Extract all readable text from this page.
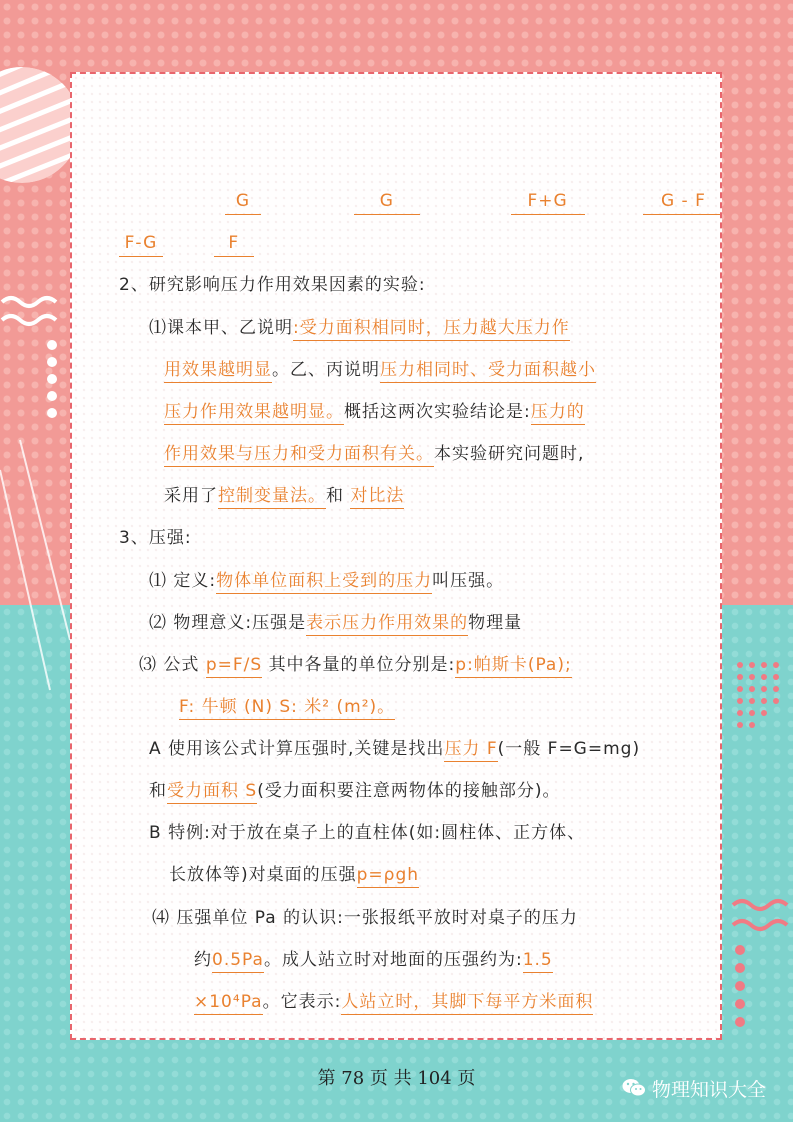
G	G	F+G	G - F
F-G	F
2、研究影响压力作用效果因素的实验:
⑴课本甲、乙说明:受力面积相同时，压力越大压力作
用效果越明显。乙、丙说明压力相同时、受力面积越小
压力作用效果越明显。概括这两次实验结论是:压力的
作用效果与压力和受力面积有关。本实验研究问题时,
采用了控制变量法。和 对比法
3、压强:
⑴ 定义:物体单位面积上受到的压力叫压强。
⑵ 物理意义:压强是表示压力作用效果的物理量
⑶ 公式 p=F/S 其中各量的单位分别是:p:帕斯卡(Pa);
F: 牛顿 (N) S: 米² (m²)。
A 使用该公式计算压强时,关键是找出压力 F(一般 F=G=mg)
和受力面积 S(受力面积要注意两物体的接触部分)。
B 特例:对于放在桌子上的直柱体(如:圆柱体、正方体、
长放体等)对桌面的压强p=ρgh
⑷ 压强单位 Pa 的认识:一张报纸平放时对桌子的压力
约0.5Pa。成人站立时对地面的压强约为:1.5
×10⁴Pa。它表示:人站立时，其脚下每平方米面积
第 78 页 共 104 页
物理知识大全
